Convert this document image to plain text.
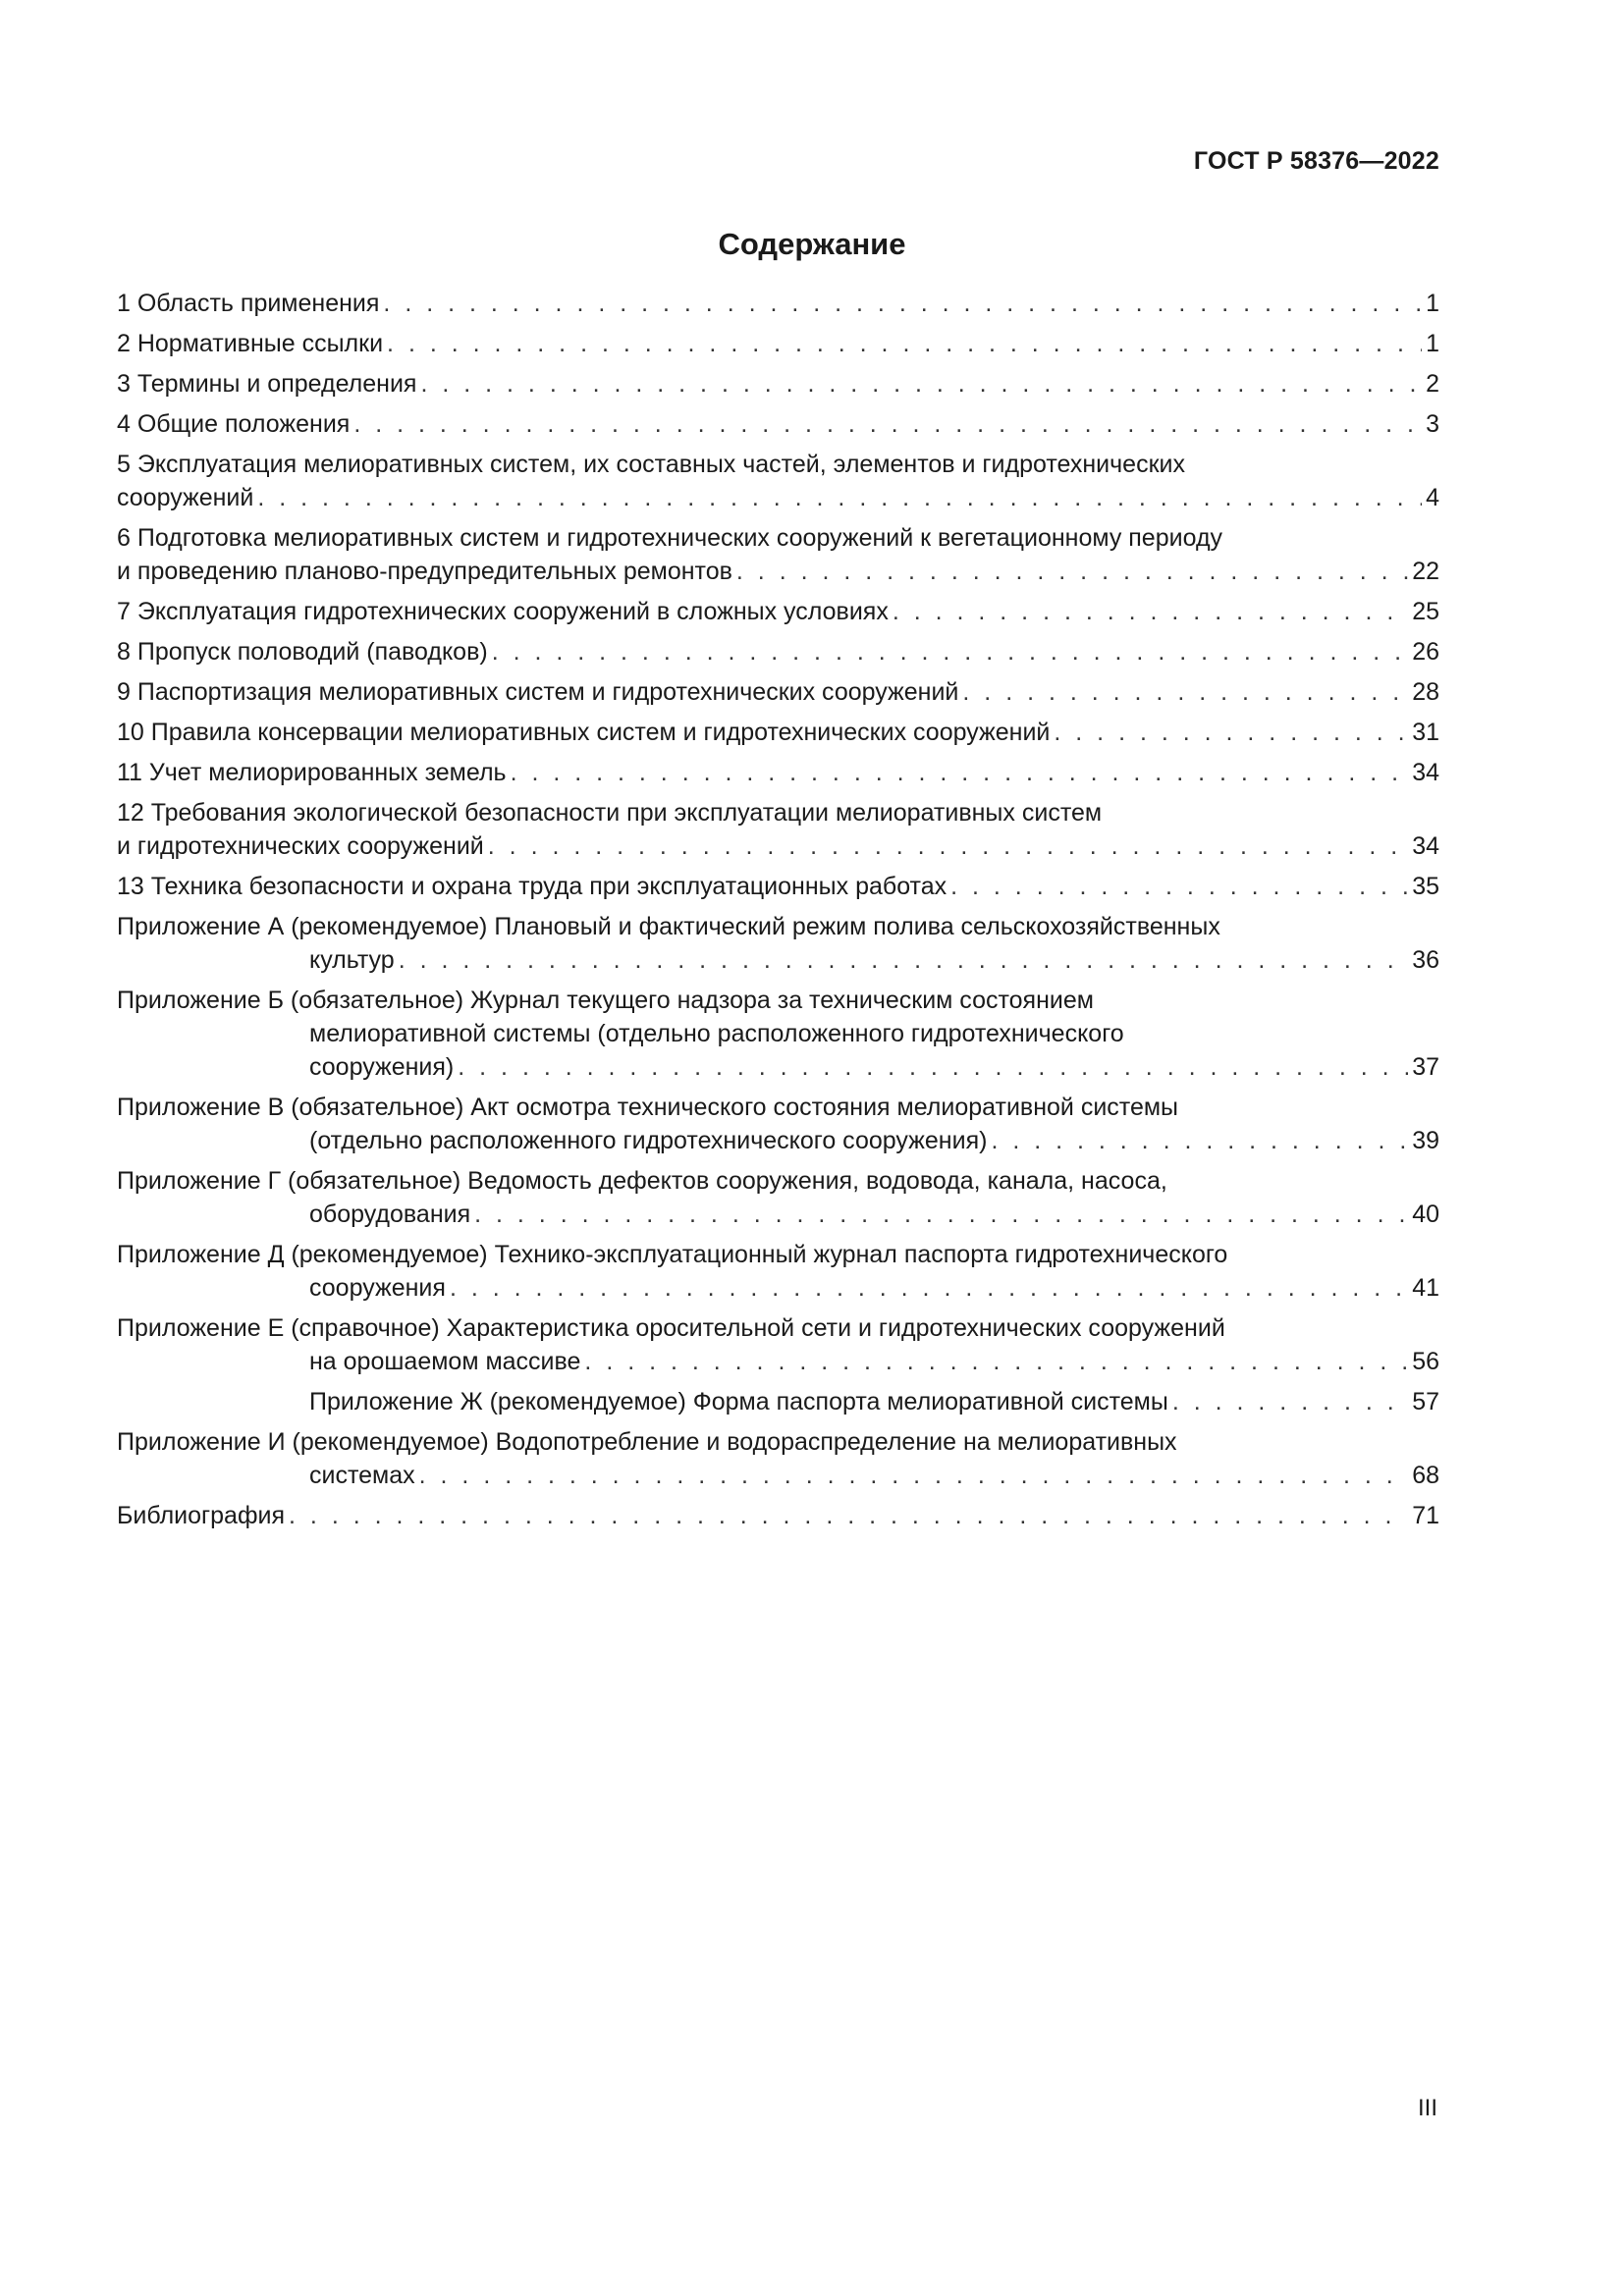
ГОСТ Р 58376—2022
Содержание
1 Область применения . . .	1
2 Нормативные ссылки . . .	1
3 Термины и определения . . .	2
4 Общие положения . . .	3
5 Эксплуатация мелиоративных систем, их составных частей, элементов и гидротехнических
сооружений . . .	4
6 Подготовка мелиоративных систем и гидротехнических сооружений к вегетационному периоду
и проведению планово-предупредительных ремонтов . . .	22
7 Эксплуатация гидротехнических сооружений в сложных условиях . . .	25
8 Пропуск половодий (паводков) . . .	26
9 Паспортизация мелиоративных систем и гидротехнических сооружений . . .	28
10 Правила консервации мелиоративных систем и гидротехнических сооружений . . .	31
11 Учет мелиорированных земель . . .	34
12 Требования экологической безопасности при эксплуатации мелиоративных систем
и гидротехнических сооружений . . .	34
13 Техника безопасности и охрана труда при эксплуатационных работах . . .	35
Приложение А (рекомендуемое) Плановый и фактический режим полива сельскохозяйственных
культур . . .	36
Приложение Б (обязательное) Журнал текущего надзора за техническим состоянием
мелиоративной системы (отдельно расположенного гидротехнического
сооружения) . . .	37
Приложение В (обязательное) Акт осмотра технического состояния мелиоративной системы
(отдельно расположенного гидротехнического сооружения) . . .	39
Приложение Г (обязательное) Ведомость дефектов сооружения, водовода, канала, насоса,
оборудования . . .	40
Приложение Д (рекомендуемое) Технико-эксплуатационный журнал паспорта гидротехнического
сооружения . . .	41
Приложение Е (справочное) Характеристика оросительной сети и гидротехнических сооружений
на орошаемом массиве . . .	56
Приложение Ж (рекомендуемое) Форма паспорта мелиоративной системы . . .	57
Приложение И (рекомендуемое) Водопотребление и водораспределение на мелиоративных
системах . . .	68
Библиография . . .	71
III
